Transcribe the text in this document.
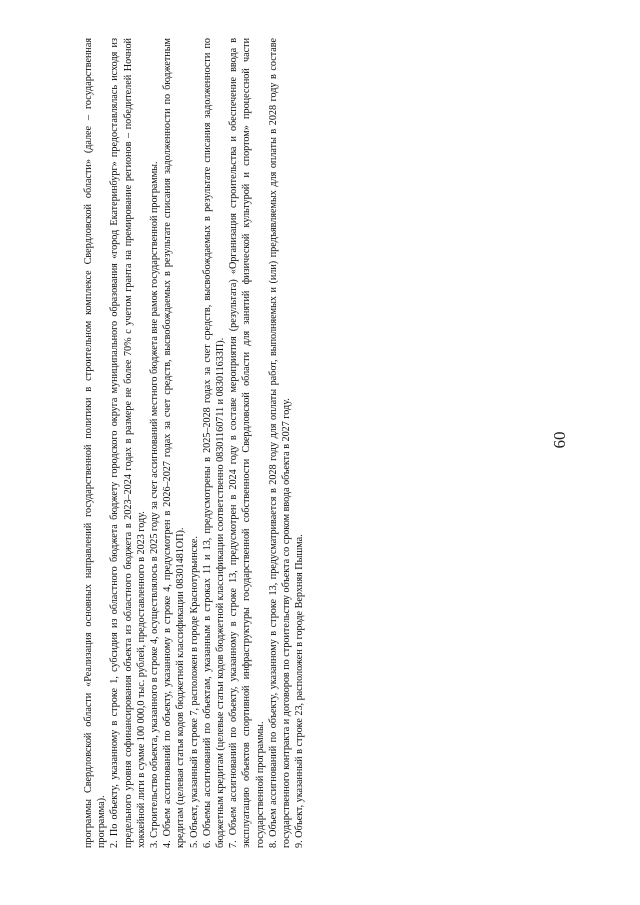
60

программы Свердловской области «Реализация основных направлений государственной политики в строительном комплексе Свердловской области» (далее – государственная программа). 2. По объекту, указанному в строке 1, субсидия из областного бюджета бюджету городского округа муниципального образования «город Екатеринбург» предоставлялась исходя из предельного уровня софинансирования объекта из областного бюджета в 2023–2024 годах в размере не более 70% с учетом гранта на премирование регионов – победителей Ночной хоккейной лиги в сумме 100 000,0 тыс. рублей, предоставленного в 2023 году. 3. Строительство объекта, указанного в строке 4, осуществлялось в 2025 году за счет ассигнований местного бюджета вне рамок государственной программы. 4. Объем ассигнований по объекту, указанному в строке 4, предусмотрен в 2026–2027 годах за счет средств, высвобождаемых в результате списания задолженности по бюджетным кредитам (целевая статья кодов бюджетной классификации 08301481ОП). 5. Объект, указанный в строке 7, расположен в городе Краснотурьинске. 6. Объемы ассигнований по объектам, указанным в строках 11 и 13, предусмотрены в 2025–2028 годах за счет средств, высвобождаемых в результате списания задолженности по бюджетным кредитам (целевые статьи кодов бюджетной классификации соответственно 08301160711 и 08301163ЗП). 7. Объем ассигнований по объекту, указанному в строке 13, предусмотрен в 2024 году в составе мероприятия (результата) «Организация строительства и обеспечение ввода в эксплуатацию объектов спортивной инфраструктуры государственной собственности Свердловской области для занятий физической культурой и спортом» процессной части государственной программы. 8. Объем ассигнований по объекту, указанному в строке 13, предусматривается в 2028 году для оплаты работ, выполняемых и (или) предъявляемых для оплаты в 2028 году в составе государственного контракта и договоров по строительству объекта со сроком ввода объекта в 2027 году. 9. Объект, указанный в строке 23, расположен в городе Верхняя Пышма.
